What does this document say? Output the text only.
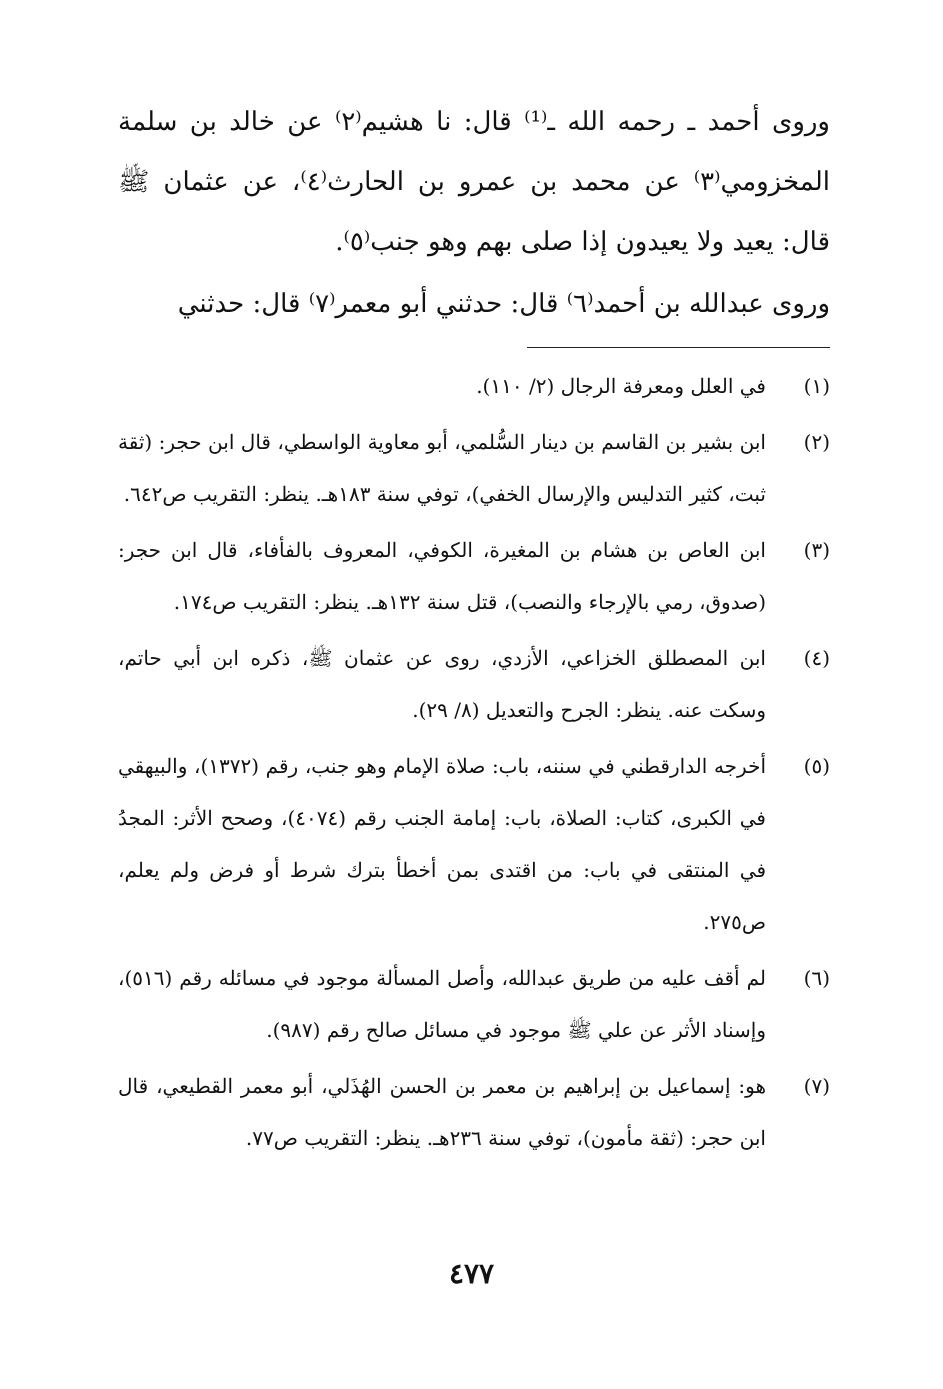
وروى أحمد ـ رحمه الله ـ⁽¹⁾ قال: نا هشيم⁽٢⁾ عن خالد بن سلمة المخزومي⁽٣⁾ عن محمد بن عمرو بن الحارث⁽٤⁾، عن عثمان ﷺ قال: يعيد ولا يعيدون إذا صلى بهم وهو جنب⁽٥⁾.

وروى عبدالله بن أحمد⁽٦⁾ قال: حدثني أبو معمر⁽٧⁾ قال: حدثني

(١)
في العلل ومعرفة الرجال (٢/ ١١٠).
(٢)
ابن بشير بن القاسم بن دينار السُّلمي، أبو معاوية الواسطي، قال ابن حجر: (ثقة ثبت، كثير التدليس والإرسال الخفي)، توفي سنة ١٨٣هـ. ينظر: التقريب ص٦٤٢.
(٣)
ابن العاص بن هشام بن المغيرة، الكوفي، المعروف بالفأفاء، قال ابن حجر: (صدوق، رمي بالإرجاء والنصب)، قتل سنة ١٣٢هـ. ينظر: التقريب ص١٧٤.
(٤)
ابن المصطلق الخزاعي، الأزدي، روى عن عثمان ﷺ، ذكره ابن أبي حاتم، وسكت عنه. ينظر: الجرح والتعديل (٨/ ٢٩).
(٥)
أخرجه الدارقطني في سننه، باب: صلاة الإمام وهو جنب، رقم (١٣٧٢)، والبيهقي في الكبرى، كتاب: الصلاة، باب: إمامة الجنب رقم (٤٠٧٤)، وصحح الأثر: المجدُ في المنتقى في باب: من اقتدى بمن أخطأ بترك شرط أو فرض ولم يعلم، ص٢٧٥.
(٦)
لم أقف عليه من طريق عبدالله، وأصل المسألة موجود في مسائله رقم (٥١٦)، وإسناد الأثر عن علي ﷺ موجود في مسائل صالح رقم (٩٨٧).
(٧)
هو: إسماعيل بن إبراهيم بن معمر بن الحسن الهُذَلي، أبو معمر القطيعي، قال ابن حجر: (ثقة مأمون)، توفي سنة ٢٣٦هـ. ينظر: التقريب ص٧٧.
٤٧٧
